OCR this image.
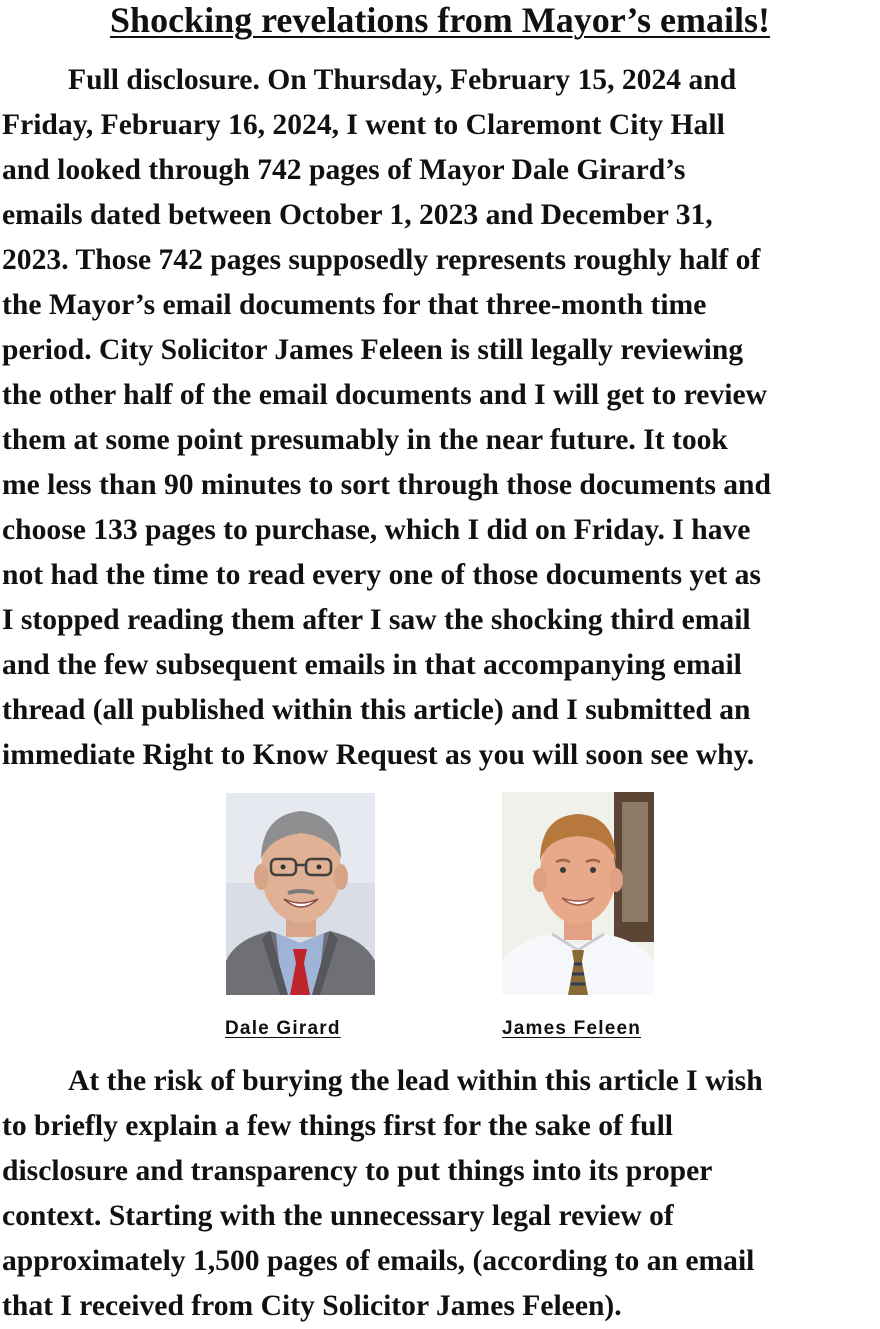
Shocking revelations from Mayor’s emails!
Full disclosure. On Thursday, February 15, 2024 and
Friday, February 16, 2024, I went to Claremont City Hall
and looked through 742 pages of Mayor Dale Girard’s
emails dated between October 1, 2023 and December 31,
2023. Those 742 pages supposedly represents roughly half of
the Mayor’s email documents for that three-month time
period. City Solicitor James Feleen is still legally reviewing
the other half of the email documents and I will get to review
them at some point presumably in the near future. It took
me less than 90 minutes to sort through those documents and
choose 133 pages to purchase, which I did on Friday. I have
not had the time to read every one of those documents yet as
I stopped reading them after I saw the shocking third email
and the few subsequent emails in that accompanying email
thread (all published within this article) and I submitted an
immediate Right to Know Request as you will soon see why.
Dale Girard	James Feleen
At the risk of burying the lead within this article I wish
to briefly explain a few things first for the sake of full
disclosure and transparency to put things into its proper
context. Starting with the unnecessary legal review of
approximately 1,500 pages of emails, (according to an email
that I received from City Solicitor James Feleen).
